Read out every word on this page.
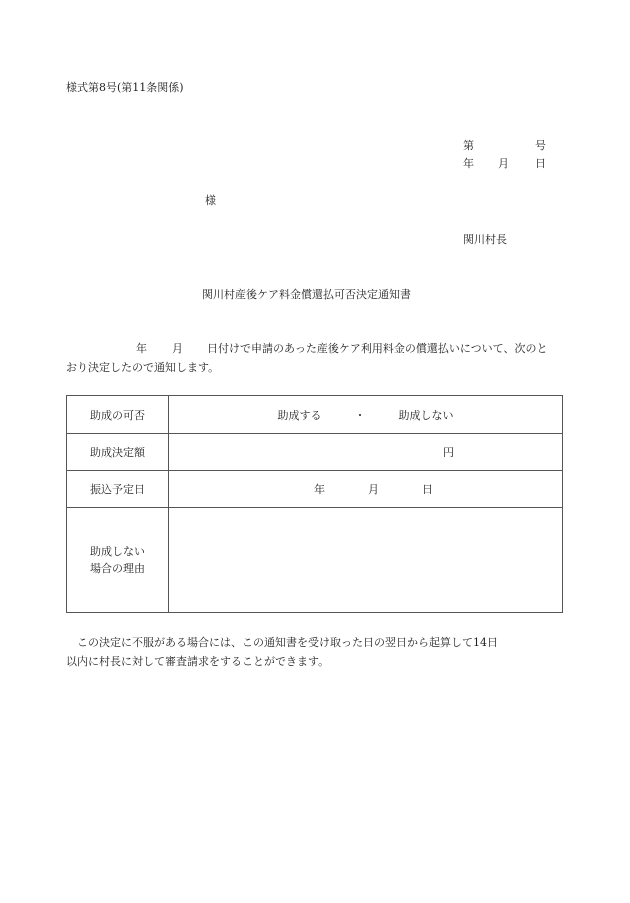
様式第8号(第11条関係)
第	号
年 月 日
様
関川村長
関川村産後ケア料金償還払可否決定通知書
年 月 日付けで申請のあった産後ケア利用料金の償還払いについて、次のと
おり決定したので通知します。
助成の可否	助成する ・ 助成しない
助成決定額	円
振込予定日	年 月 日

助成しない
場合の理由	

この決定に不服がある場合には、この通知書を受け取った日の翌日から起算して14日
以内に村長に対して審査請求をすることができます。
